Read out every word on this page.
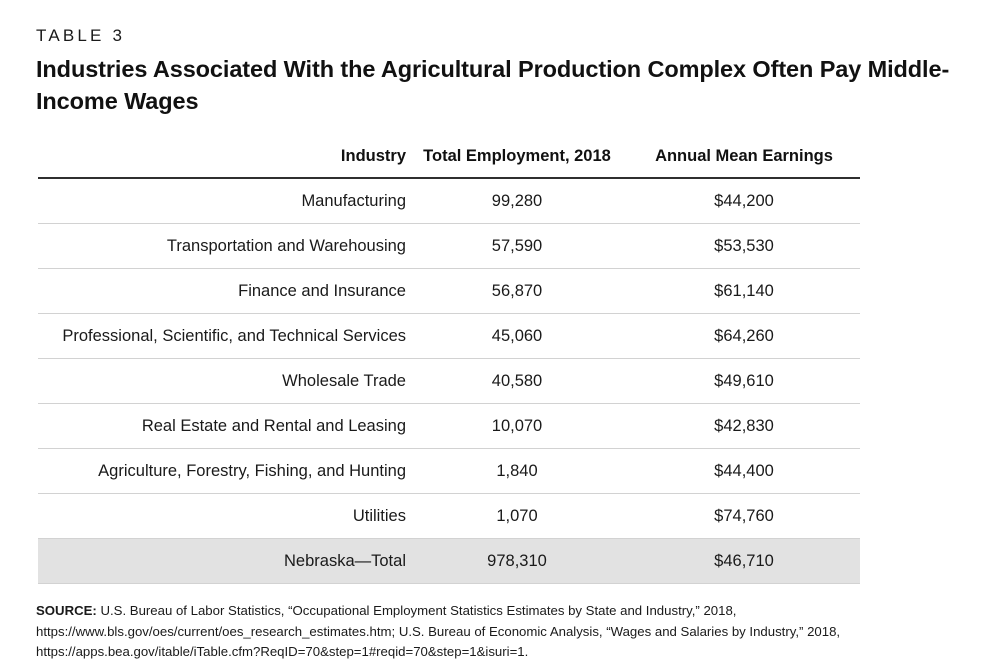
TABLE 3
Industries Associated With the Agricultural Production Complex Often Pay Middle-Income Wages
Industry	Total Employment, 2018	Annual Mean Earnings
Manufacturing	99,280	$44,200
Transportation and Warehousing	57,590	$53,530
Finance and Insurance	56,870	$61,140
Professional, Scientific, and Technical Services	45,060	$64,260
Wholesale Trade	40,580	$49,610
Real Estate and Rental and Leasing	10,070	$42,830
Agriculture, Forestry, Fishing, and Hunting	1,840	$44,400
Utilities	1,070	$74,760
Nebraska—Total	978,310	$46,710

SOURCE: U.S. Bureau of Labor Statistics, “Occupational Employment Statistics Estimates by State and Industry,” 2018, https://www.bls.gov/oes/current/oes_research_estimates.htm; U.S. Bureau of Economic Analysis, “Wages and Salaries by Industry,” 2018, https://apps.bea.gov/itable/iTable.cfm?ReqID=70&step=1#reqid=70&step=1&isuri=1.
